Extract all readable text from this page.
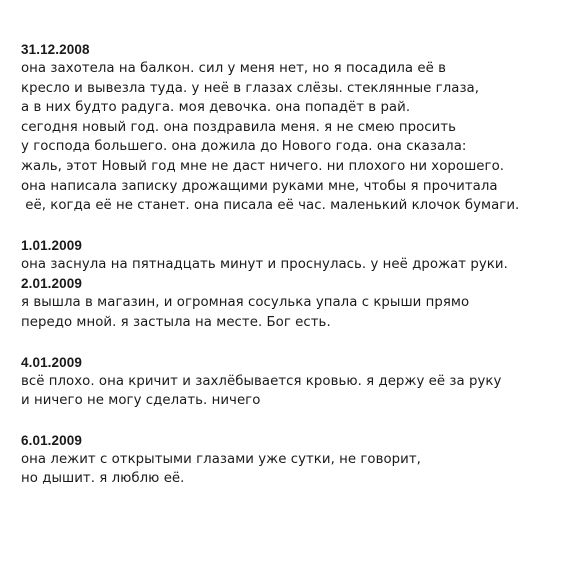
31.12.2008
она захотела на балкон. сил у меня нет, но я посадила её в
кресло и вывезла туда. у неё в глазах слёзы. стеклянные глаза,
а в них будто радуга. моя девочка. она попадёт в рай.
сегодня новый год. она поздравила меня. я не смею просить
у господа большего. она дожила до Нового года. она сказала:
жаль, этот Новый год мне не даст ничего. ни плохого ни хорошего.
она написала записку дрожащими руками мне, чтобы я прочитала
её, когда её не станет. она писала её час. маленький клочок бумаги.
1.01.2009
она заснула на пятнадцать минут и проснулась. у неё дрожат руки.
2.01.2009
я вышла в магазин, и огромная сосулька упала с крыши прямо
передо мной. я застыла на месте. Бог есть.
4.01.2009
всё плохо. она кричит и захлёбывается кровью. я держу её за руку
и ничего не могу сделать. ничего
6.01.2009
она лежит с открытыми глазами уже сутки, не говорит,
но дышит. я люблю её.
